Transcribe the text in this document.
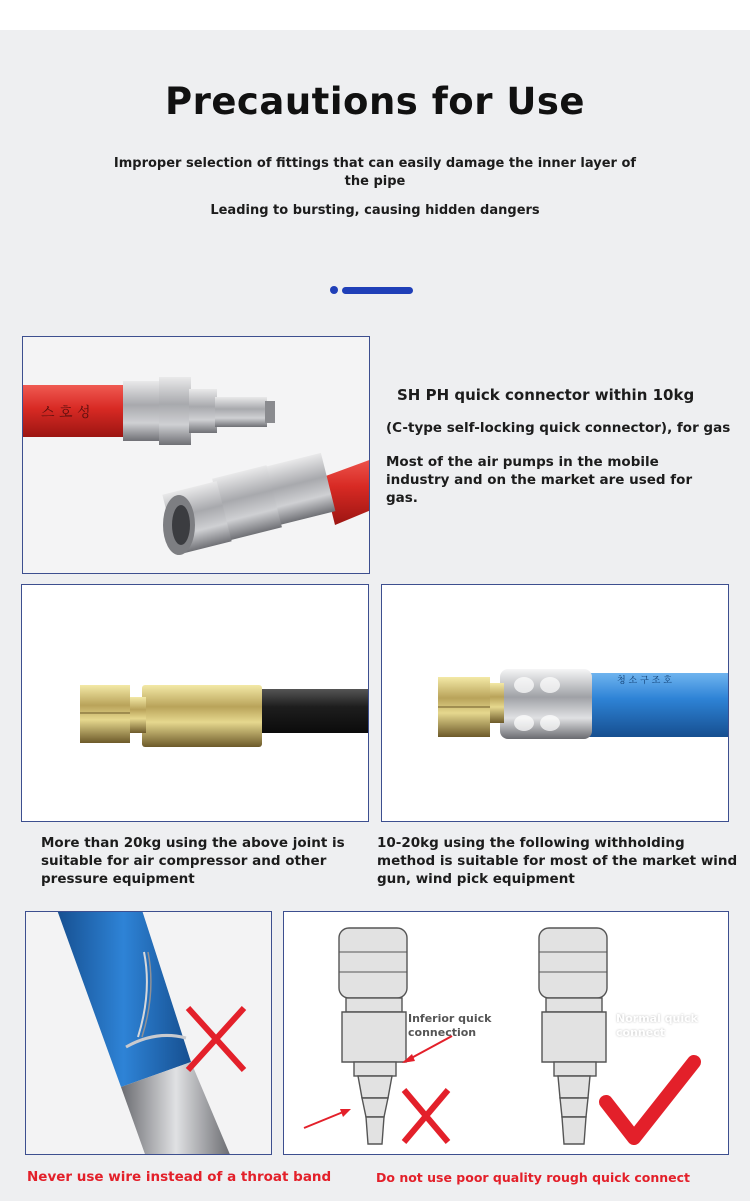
Precautions for Use
Improper selection of fittings that can easily damage the inner layer of the pipe
Leading to bursting, causing hidden dangers
스 호 성
SH PH quick connector within 10kg
(C-type self-locking quick connector), for gas
Most of the air pumps in the mobile industry and on the market are used for gas.
청 소 구 조 호
More than 20kg using the above joint is suitable for air compressor and other pressure equipment
10-20kg using the following withholding method is suitable for most of the market wind gun, wind pick equipment
Inferior quick connection
Normal quick connect
Never use wire instead of a throat band	Do not use poor quality rough quick connect
